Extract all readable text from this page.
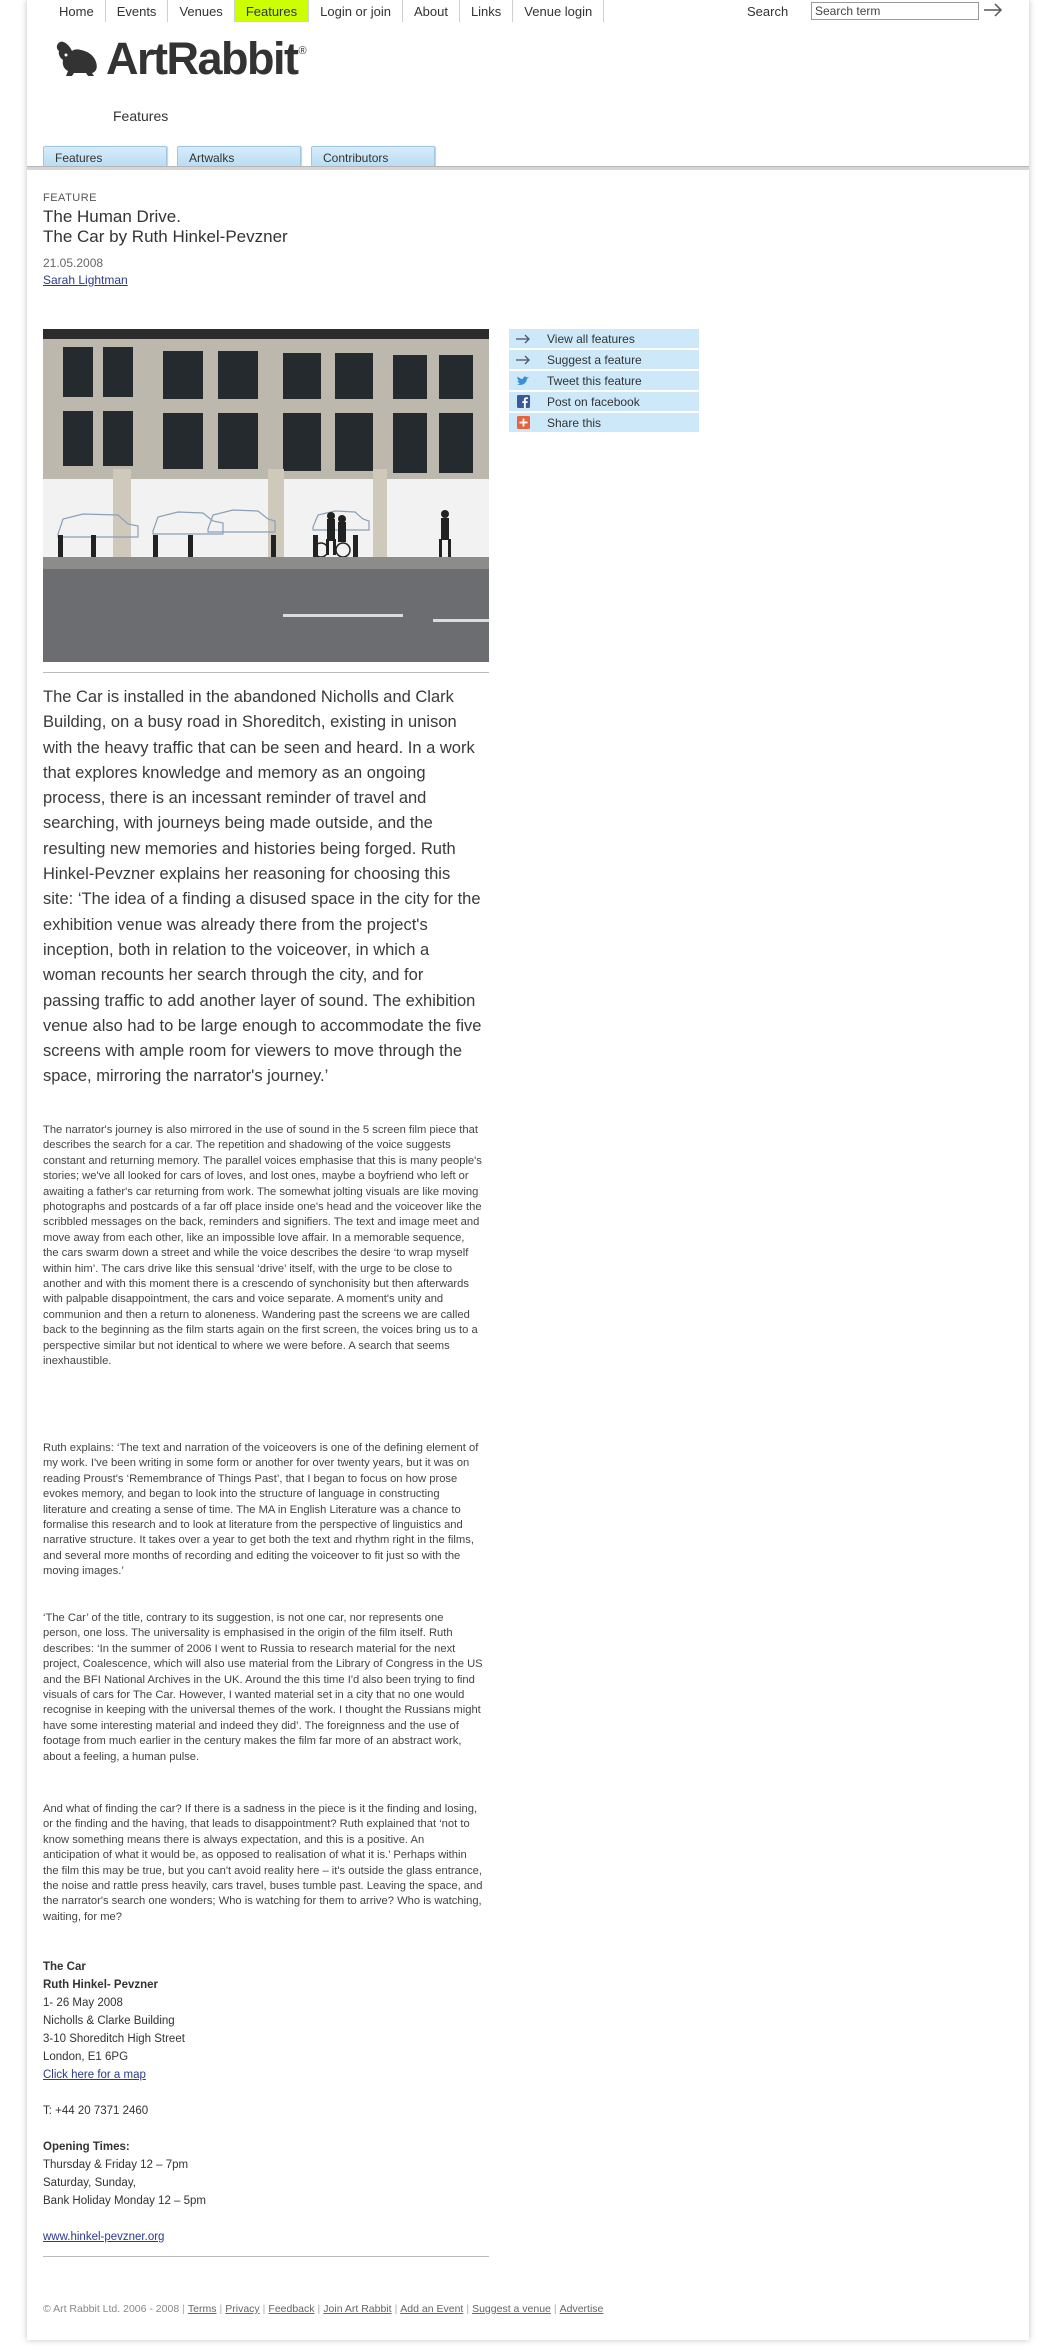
Home	Events	Venues	Features	Login or join	About	Links	Venue login	Search
Search term
ArtRabbit ®
Features
Features	Artwalks	Contributors
FEATURE
The Human Drive.
The Car by Ruth Hinkel-Pevzner
21.05.2008
Sarah Lightman
View all features
Suggest a feature
Tweet this feature
Post on facebook
Share this
The Car is installed in the abandoned Nicholls and Clark Building, on a busy road in Shoreditch, existing in unison with the heavy traffic that can be seen and heard. In a work that explores knowledge and memory as an ongoing process, there is an incessant reminder of travel and searching, with journeys being made outside, and the resulting new memories and histories being forged. Ruth Hinkel-Pevzner explains her reasoning for choosing this site: ‘The idea of a finding a disused space in the city for the exhibition venue was already there from the project's inception, both in relation to the voiceover, in which a woman recounts her search through the city, and for passing traffic to add another layer of sound. The exhibition venue also had to be large enough to accommodate the five screens with ample room for viewers to move through the space, mirroring the narrator's journey.’
The narrator's journey is also mirrored in the use of sound in the 5 screen film piece that describes the search for a car. The repetition and shadowing of the voice suggests constant and returning memory. The parallel voices emphasise that this is many people's stories; we've all looked for cars of loves, and lost ones, maybe a boyfriend who left or awaiting a father's car returning from work. The somewhat jolting visuals are like moving photographs and postcards of a far off place inside one's head and the voiceover like the scribbled messages on the back, reminders and signifiers. The text and image meet and move away from each other, like an impossible love affair. In a memorable sequence, the cars swarm down a street and while the voice describes the desire ‘to wrap myself within him’. The cars drive like this sensual ‘drive’ itself, with the urge to be close to another and with this moment there is a crescendo of synchonisity but then afterwards with palpable disappointment, the cars and voice separate. A moment's unity and communion and then a return to aloneness. Wandering past the screens we are called back to the beginning as the film starts again on the first screen, the voices bring us to a perspective similar but not identical to where we were before. A search that seems inexhaustible.
Ruth explains: ‘The text and narration of the voiceovers is one of the defining element of my work. I've been writing in some form or another for over twenty years, but it was on reading Proust's ‘Remembrance of Things Past’, that I began to focus on how prose evokes memory, and began to look into the structure of language in constructing literature and creating a sense of time. The MA in English Literature was a chance to formalise this research and to look at literature from the perspective of linguistics and narrative structure. It takes over a year to get both the text and rhythm right in the films, and several more months of recording and editing the voiceover to fit just so with the moving images.’
‘The Car’ of the title, contrary to its suggestion, is not one car, nor represents one person, one loss. The universality is emphasised in the origin of the film itself. Ruth describes: ‘In the summer of 2006 I went to Russia to research material for the next project, Coalescence, which will also use material from the Library of Congress in the US and the BFI National Archives in the UK. Around the this time I'd also been trying to find visuals of cars for The Car. However, I wanted material set in a city that no one would recognise in keeping with the universal themes of the work. I thought the Russians might have some interesting material and indeed they did’. The foreignness and the use of footage from much earlier in the century makes the film far more of an abstract work, about a feeling, a human pulse.
And what of finding the car? If there is a sadness in the piece is it the finding and losing, or the finding and the having, that leads to disappointment? Ruth explained that ‘not to know something means there is always expectation, and this is a positive. An anticipation of what it would be, as opposed to realisation of what it is.’ Perhaps within the film this may be true, but you can't avoid reality here – it's outside the glass entrance, the noise and rattle press heavily, cars travel, buses tumble past. Leaving the space, and the narrator's search one wonders; Who is watching for them to arrive? Who is watching, waiting, for me?
The Car
Ruth Hinkel- Pevzner
1- 26 May 2008
Nicholls & Clarke Building
3-10 Shoreditch High Street
London, E1 6PG
Click here for a map
T: +44 20 7371 2460
Opening Times:
Thursday & Friday 12 – 7pm
Saturday, Sunday,
Bank Holiday Monday 12 – 5pm
www.hinkel-pevzner.org
© Art Rabbit Ltd. 2006 - 2008 | Terms | Privacy | Feedback | Join Art Rabbit | Add an Event | Suggest a venue | Advertise
